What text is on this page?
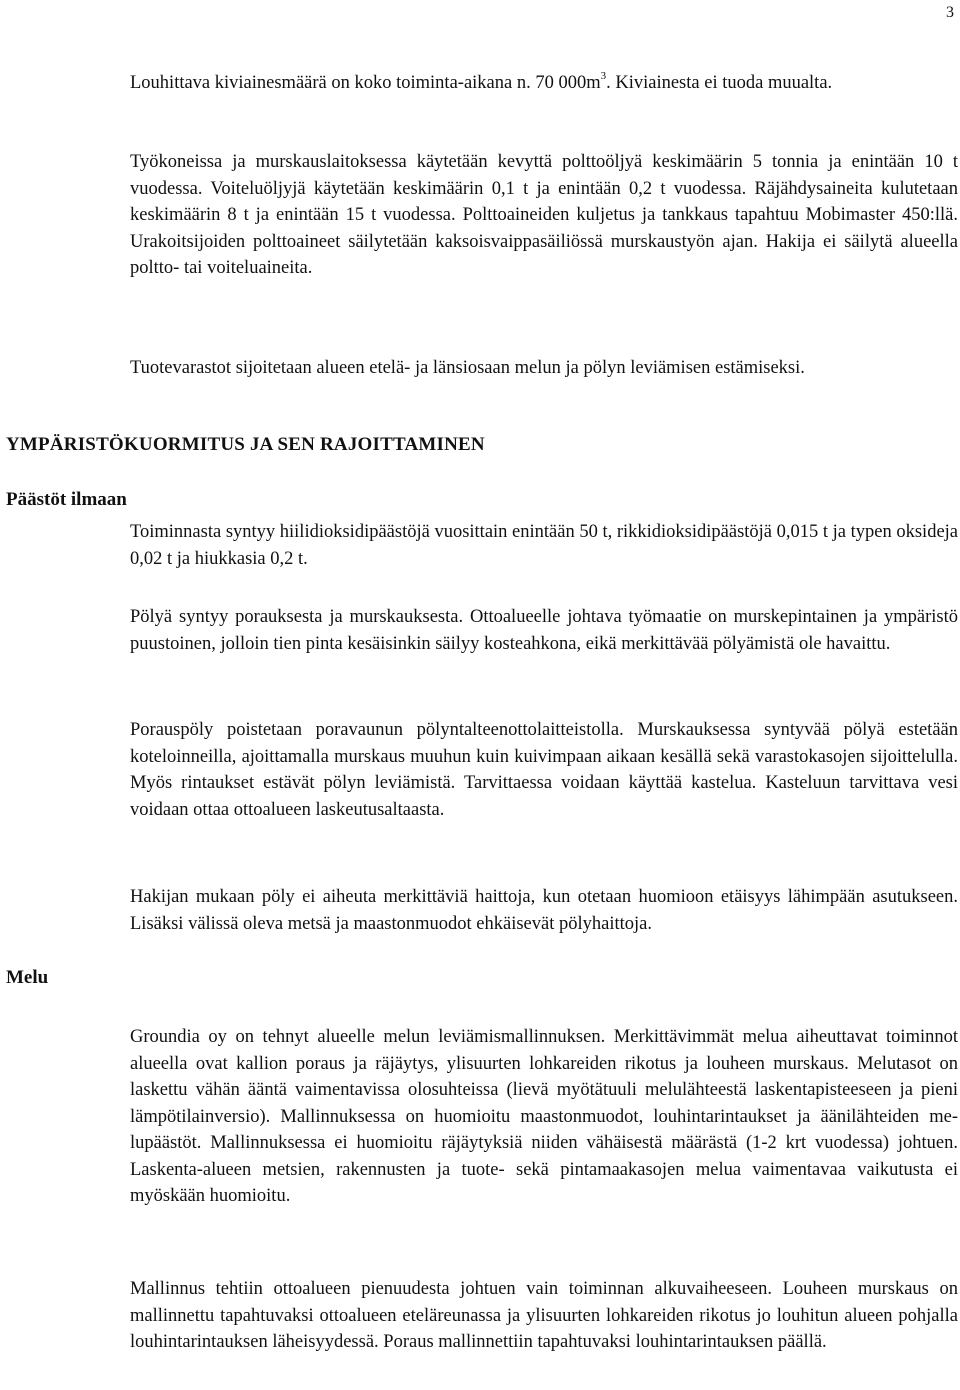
3

Louhittava kiviainesmäärä on koko toiminta-aikana n. 70 $000m^3$. Kiviainesta ei tuoda muualta.

Työkoneissa ja murskauslaitoksessa käytetään kevyttä polttoöljyä keskimäärin 5 tonnia ja enintään 10 t vuodessa. Voiteluöljyjä käytetään keskimäärin 0,1 t ja enintään 0,2 t vuodessa. Räjähdysaineita kulutetaan keskimäärin 8 t ja enintään 15 t vuodessa. Polttoaineiden kuljetus ja tankkaus tapahtuu Mobimaster 450:llä. Urakoitsijoiden polttoaineet säilytetään kaksoisvaippasäiliössä murskaustyön ajan. Hakija ei säilytä alueella poltto- tai voiteluaineita.

Tuotevarastot sijoitetaan alueen etelä- ja länsiosaan melun ja pölyn leviämisen estämiseksi.

YMPÄRISTÖKUORMITUS JA SEN RAJOITTAMINEN
Päästöt ilmaan

Toiminnasta syntyy hiilidioksidipäästöjä vuosittain enintään 50 t, rikkidioksidipäästöjä 0,015 t ja typen oksideja 0,02 t ja hiukkasia 0,2 t.

Pölyä syntyy porauksesta ja murskauksesta. Ottoalueelle johtava työmaatie on murskepintainen ja ympäristö puustoinen, jolloin tien pinta kesäisinkin säilyy kosteahkona, eikä merkittävää pölyämistä ole havaittu.

Porauspöly poistetaan poravaunun pölyntalteenottolaitteistolla. Murskauksessa syntyvää pölyä estetään koteloinneilla, ajoittamalla murskaus muuhun kuin kuivimpaan aikaan kesällä sekä varastokasojen sijoittelulla. Myös rintaukset estävät pölyn leviämistä. Tarvittaessa voidaan käyttää kastelua. Kasteluun tarvittava vesi voidaan ottaa ottoalueen laskeutusaltaasta.

Hakijan mukaan pöly ei aiheuta merkittäviä haittoja, kun otetaan huomioon etäisyys lähimpään asutukseen. Lisäksi välissä oleva metsä ja maastonmuodot ehkäisevät pölyhaittoja.

Melu

Groundia oy on tehnyt alueelle melun leviämismallinnuksen. Merkittävimmät melua aiheuttavat toiminnot alueella ovat kallion poraus ja räjäytys, ylisuurten lohkareiden rikotus ja louheen murskaus. Melutasot on laskettu vähän ääntä vaimentavissa olosuhteissa (lievä myötätuuli melulähteestä laskentapisteeseen ja pieni lämpötilainversio). Mallinnuksessa on huomioitu maastonmuodot, louhintarintaukset ja äänilähteiden melupäästöt. Mallinnuksessa ei huomioitu räjäytyksiä niiden vähäisestä määrästä (1-2 krt vuodessa) johtuen. Laskenta-alueen metsien, rakennusten ja tuote- sekä pintamaakasojen melua vaimentavaa vaikutusta ei myöskään huomioitu.

Mallinnus tehtiin ottoalueen pienuudesta johtuen vain toiminnan alkuvaiheeseen. Louheen murskaus on mallinnettu tapahtuvaksi ottoalueen eteläreunassa ja ylisuurten lohkareiden rikotus jo louhitun alueen pohjalla louhintarintauksen läheisyydessä. Poraus mallinnettiin tapahtuvaksi louhintarintauksen päällä.
